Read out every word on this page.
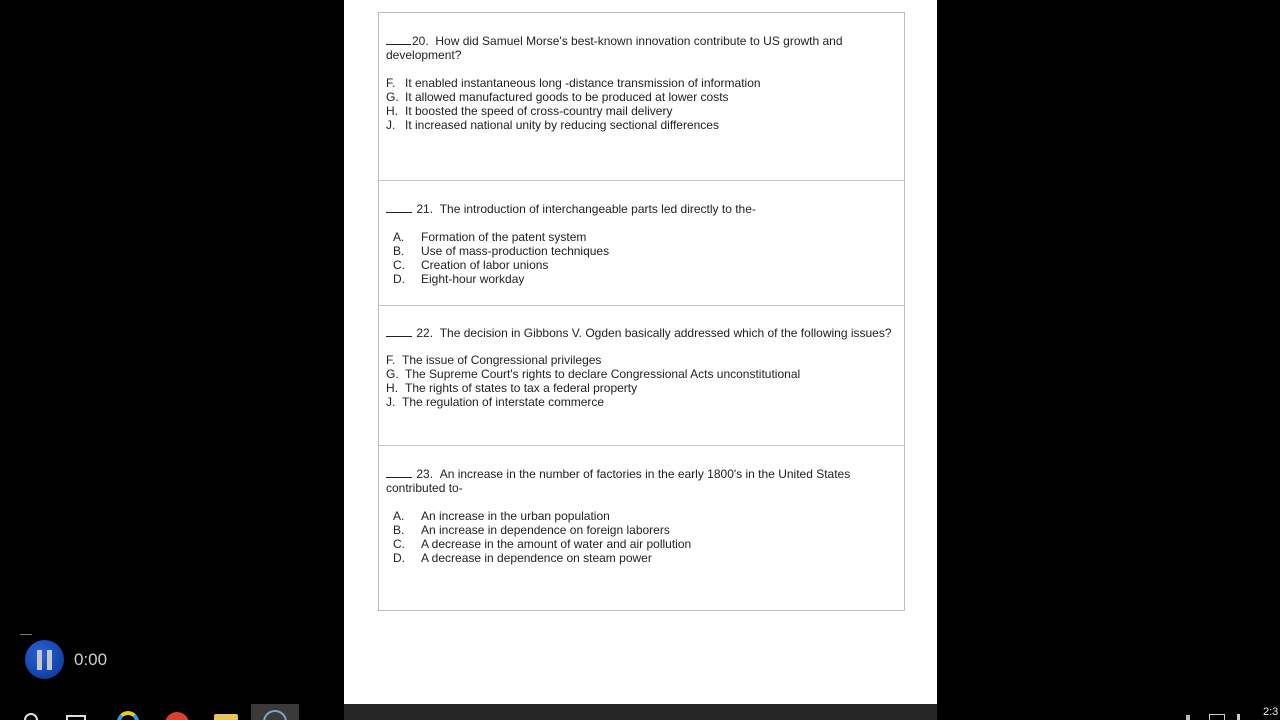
20. How did Samuel Morse's best-known innovation contribute to US growth and development?
F. It enabled instantaneous long -distance transmission of information
G. It allowed manufactured goods to be produced at lower costs
H. It boosted the speed of cross-country mail delivery
J. It increased national unity by reducing sectional differences
21. The introduction of interchangeable parts led directly to the-
A. Formation of the patent system
B. Use of mass-production techniques
C. Creation of labor unions
D. Eight-hour workday
22. The decision in Gibbons V. Ogden basically addressed which of the following issues?
F. The issue of Congressional privileges
G. The Supreme Court's rights to declare Congressional Acts unconstitutional
H. The rights of states to tax a federal property
J. The regulation of interstate commerce
23. An increase in the number of factories in the early 1800's in the United States contributed to-
A. An increase in the urban population
B. An increase in dependence on foreign laborers
C. A decrease in the amount of water and air pollution
D. A decrease in dependence on steam power
0:00
2:3
